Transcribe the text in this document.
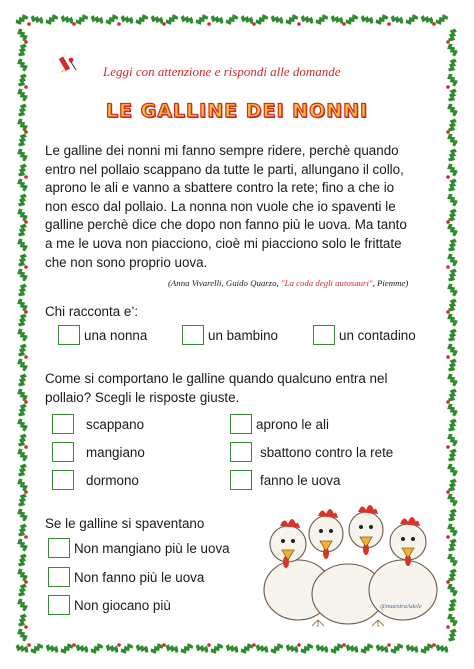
Leggi con attenzione e rispondi alle domande
LE GALLINE DEI NONNI

Le galline dei nonni mi fanno sempre ridere, perchè quando

entro nel pollaio scappano da tutte le parti, allungano il collo,

aprono le ali e vanno a sbattere contro la rete; fino a che io

non esco dal pollaio. La nonna non vuole che io spaventi le

galline perchè dice che dopo non fanno più le uova. Ma tanto

a me le uova non piacciono, cioè mi piacciono solo le frittate

che non sono proprio uova.

(Anna Vivarelli, Guido Quarzo, "La coda degli autosauri", Piemme)
Chi racconta e’:
una nonna	un bambino	un contadino
Come si comportano le galline quando qualcuno entra nel
pollaio? Scegli le risposte giuste.
scappano	aprono le ali
mangiano	sbattono contro la rete
dormono	fanno le uova
Se le galline si spaventano
Non mangiano più le uova
Non fanno più le uova
Non giocano più	@maestraAdele
